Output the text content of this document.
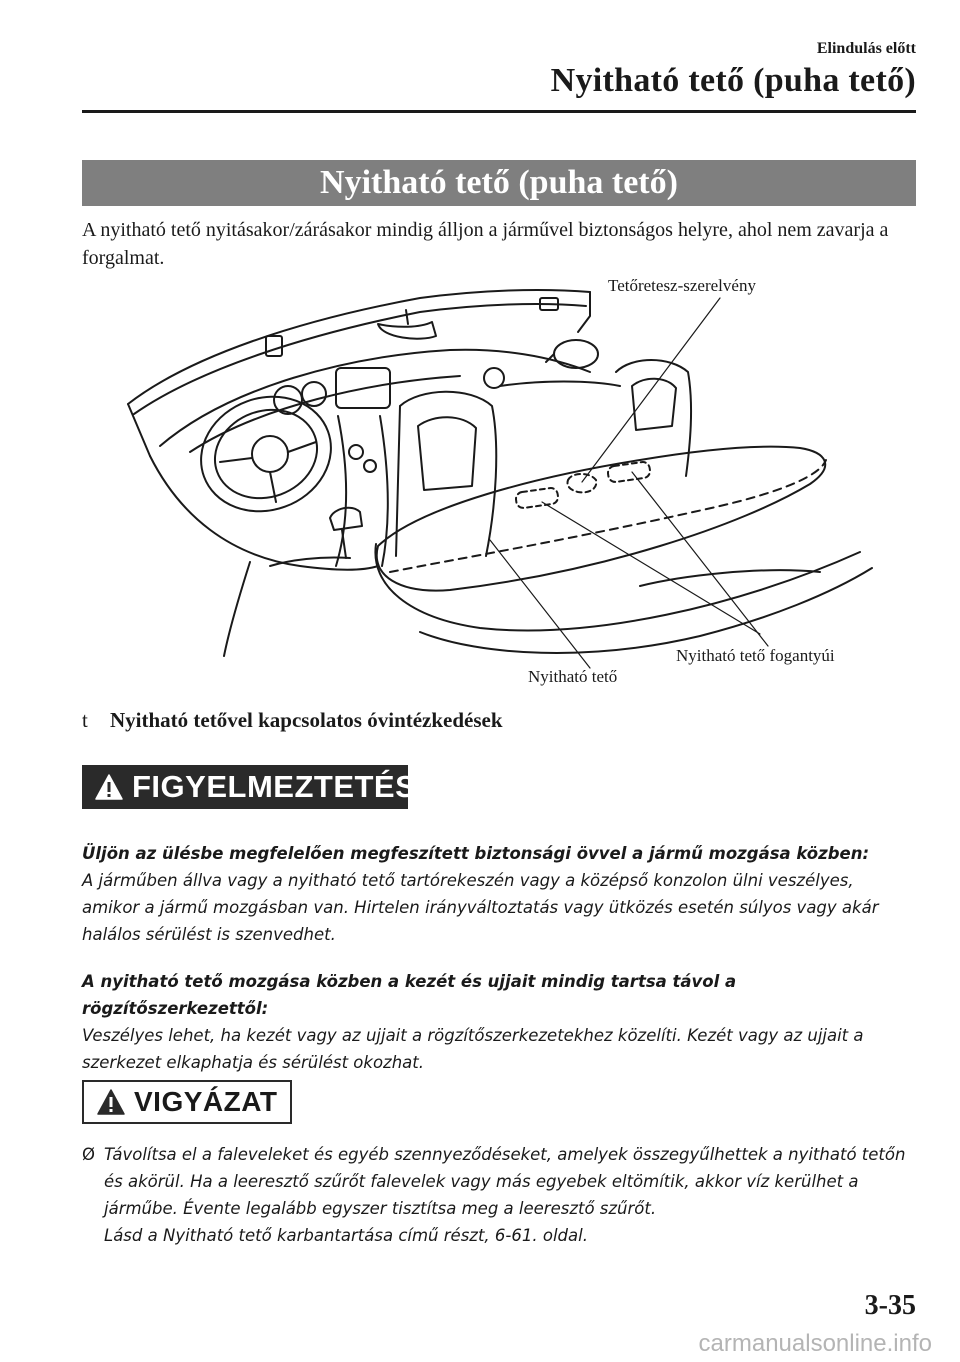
Elindulás előtt
Nyitható tető (puha tető)
Nyitható tető (puha tető)
A nyitható tető nyitásakor/zárásakor mindig álljon a járművel biztonságos helyre, ahol nem zavarja a forgalmat.
Tetőretesz-szerelvény
Nyitható tető fogantyúi
Nyitható tető
t Nyitható tetővel kapcsolatos óvintézkedések
FIGYELMEZTETÉS
Üljön az ülésbe megfelelően megfeszített biztonsági övvel a jármű mozgása közben:
A járműben állva vagy a nyitható tető tartórekeszén vagy a középső konzolon ülni veszélyes, amikor a jármű mozgásban van. Hirtelen irányváltoztatás vagy ütközés esetén súlyos vagy akár halálos sérülést is szenvedhet.
A nyitható tető mozgása közben a kezét és ujjait mindig tartsa távol a rögzítőszerkezettől:
Veszélyes lehet, ha kezét vagy az ujjait a rögzítőszerkezetekhez közelíti. Kezét vagy az ujjait a szerkezet elkaphatja és sérülést okozhat.
VIGYÁZAT
Ø Távolítsa el a faleveleket és egyéb szennyeződéseket, amelyek összegyűlhettek a nyitható tetőn és akörül. Ha a leeresztő szűrőt falevelek vagy más egyebek eltömítik, akkor víz kerülhet a járműbe. Évente legalább egyszer tisztítsa meg a leeresztő szűrőt.
Lásd a Nyitható tető karbantartása című részt, 6-61. oldal.
3-35
carmanualsonline.info
